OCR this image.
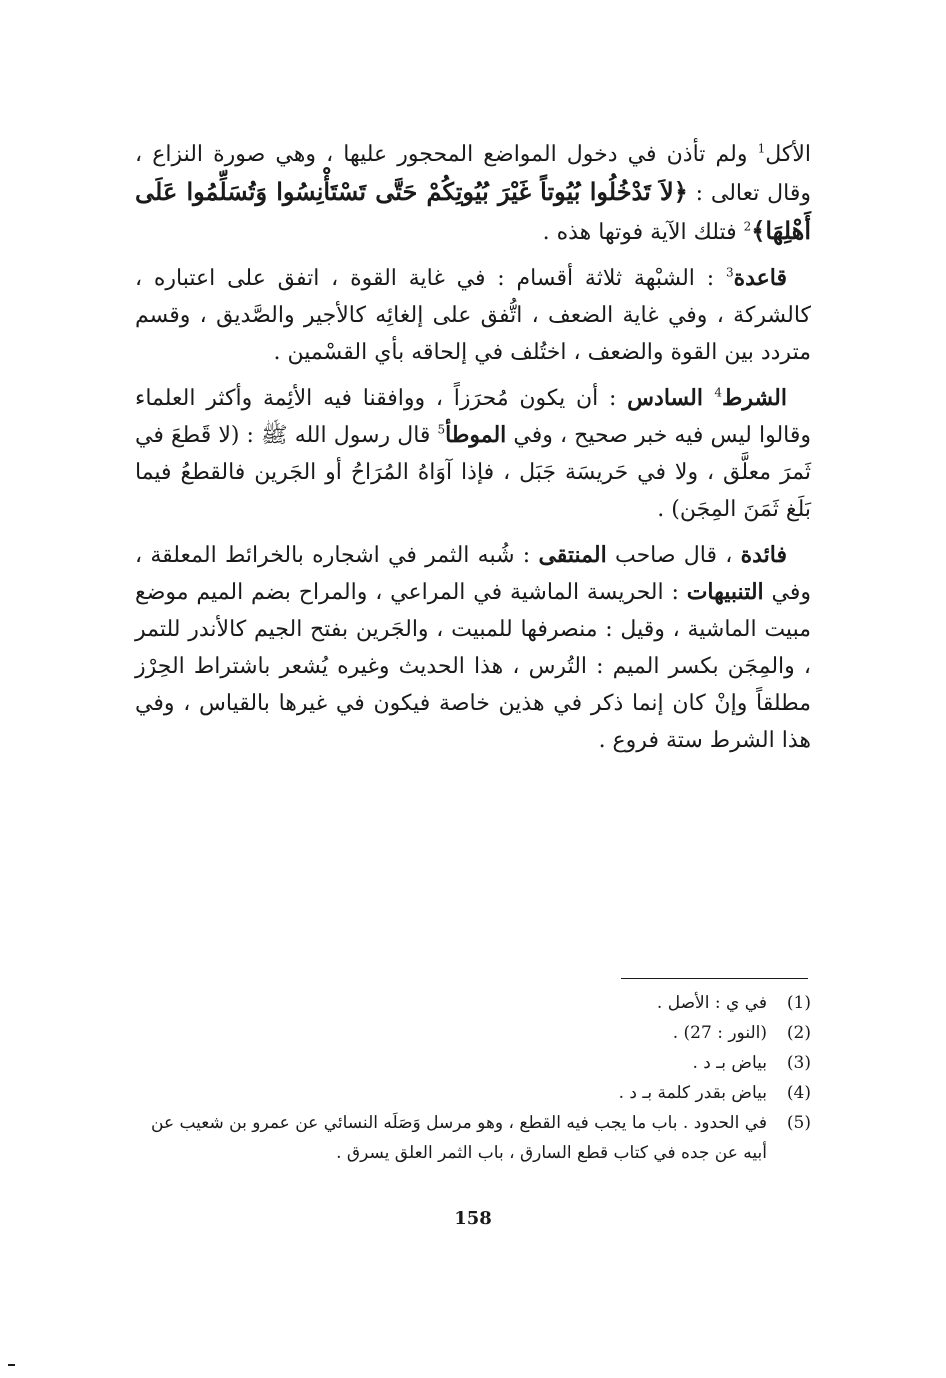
الأكل$^1$ ولم تأذن في دخول المواضع المحجور عليها ، وهي صورة النزاع ، وقال تعالى : ﴿لاَ تَدْخُلُوا بُيُوتاً غَيْرَ بُيُوتِكُمْ حَتَّى تَسْتَأْنِسُوا وَتُسَلِّمُوا عَلَى أَهْلِهَا﴾$^2$ فتلك الآية فوتها هذه .

قاعدة$^3$ : الشبْهة ثلاثة أقسام : في غاية القوة ، اتفق على اعتباره ، كالشركة ، وفي غاية الضعف ، اتُّفق على إلغائِه كالأجير والصَّديق ، وقسم متردد بين القوة والضعف ، اختُلف في إلحاقه بأي القسْمين .

الشرط$^4$ السادس : أن يكون مُحرَزاً ، ووافقنا فيه الأئِمة وأكثر العلماء وقالوا ليس فيه خبر صحيح ، وفي الموطأ$^5$ قال رسول الله ﷺ : (لا قَطعَ في ثَمرَ معلَّق ، ولا في حَريسَة جَبَل ، فإذا آوَاهُ المُرَاحُ أو الجَرين فالقطعُ فيما بَلَغ ثَمَنَ المِجَن) .

فائدة ، قال صاحب المنتقى : شُبه الثمر في اشجاره بالخرائط المعلقة ، وفي التنبيهات : الحريسة الماشية في المراعي ، والمراح بضم الميم موضع مبيت الماشية ، وقيل : منصرفها للمبيت ، والجَرين بفتح الجيم كالأندر للتمر ، والمِجَن بكسر الميم : التُرس ، هذا الحديث وغيره يُشعر باشتراط الحِرْز مطلقاً وإنْ كان إنما ذكر في هذين خاصة فيكون في غيرها بالقياس ، وفي هذا الشرط ستة فروع .

(1)
في ي : الأصل .
(2)
(النور : 27) .
(3)
بياض بـ د .
(4)
بياض بقدر كلمة بـ د .
(5)
في الحدود . باب ما يجب فيه القطع ، وهو مرسل وَصَلَه النسائي عن عمرو بن شعيب عن أبيه عن جده في كتاب قطع السارق ، باب الثمر العلق يسرق .
158
